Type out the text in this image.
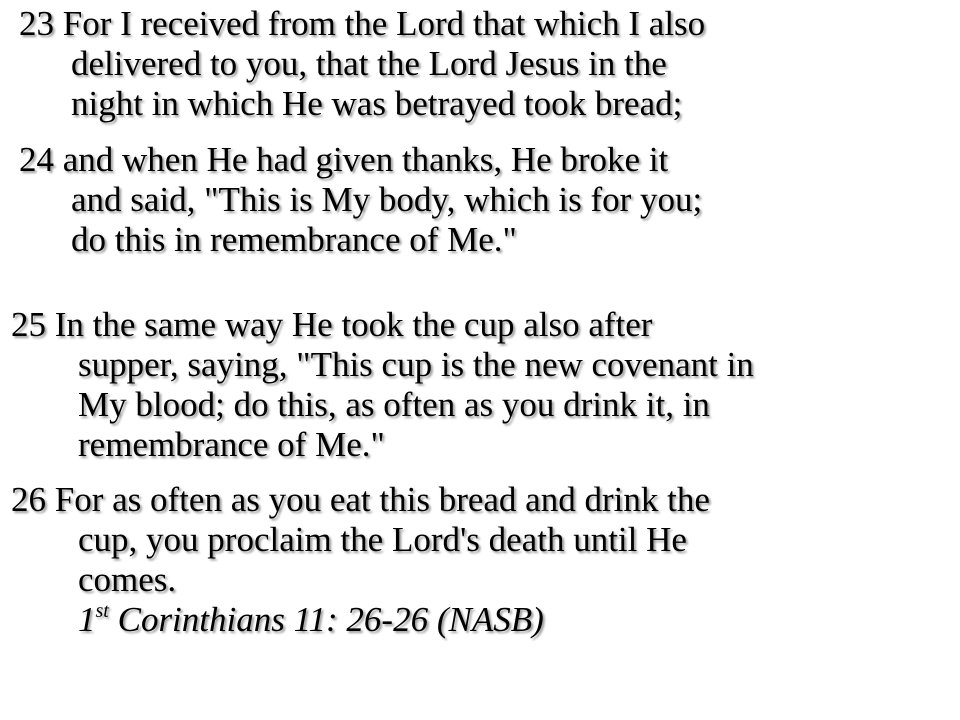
23 For I received from the Lord that which I also
delivered to you, that the Lord Jesus in the
night in which He was betrayed took bread;
24 and when He had given thanks, He broke it
and said, "This is My body, which is for you;
do this in remembrance of Me."
25 In the same way He took the cup also after
supper, saying, "This cup is the new covenant in
My blood; do this, as often as you drink it, in
remembrance of Me."
26 For as often as you eat this bread and drink the
cup, you proclaim the Lord's death until He
comes.
1st Corinthians 11: 26-26 (NASB)
